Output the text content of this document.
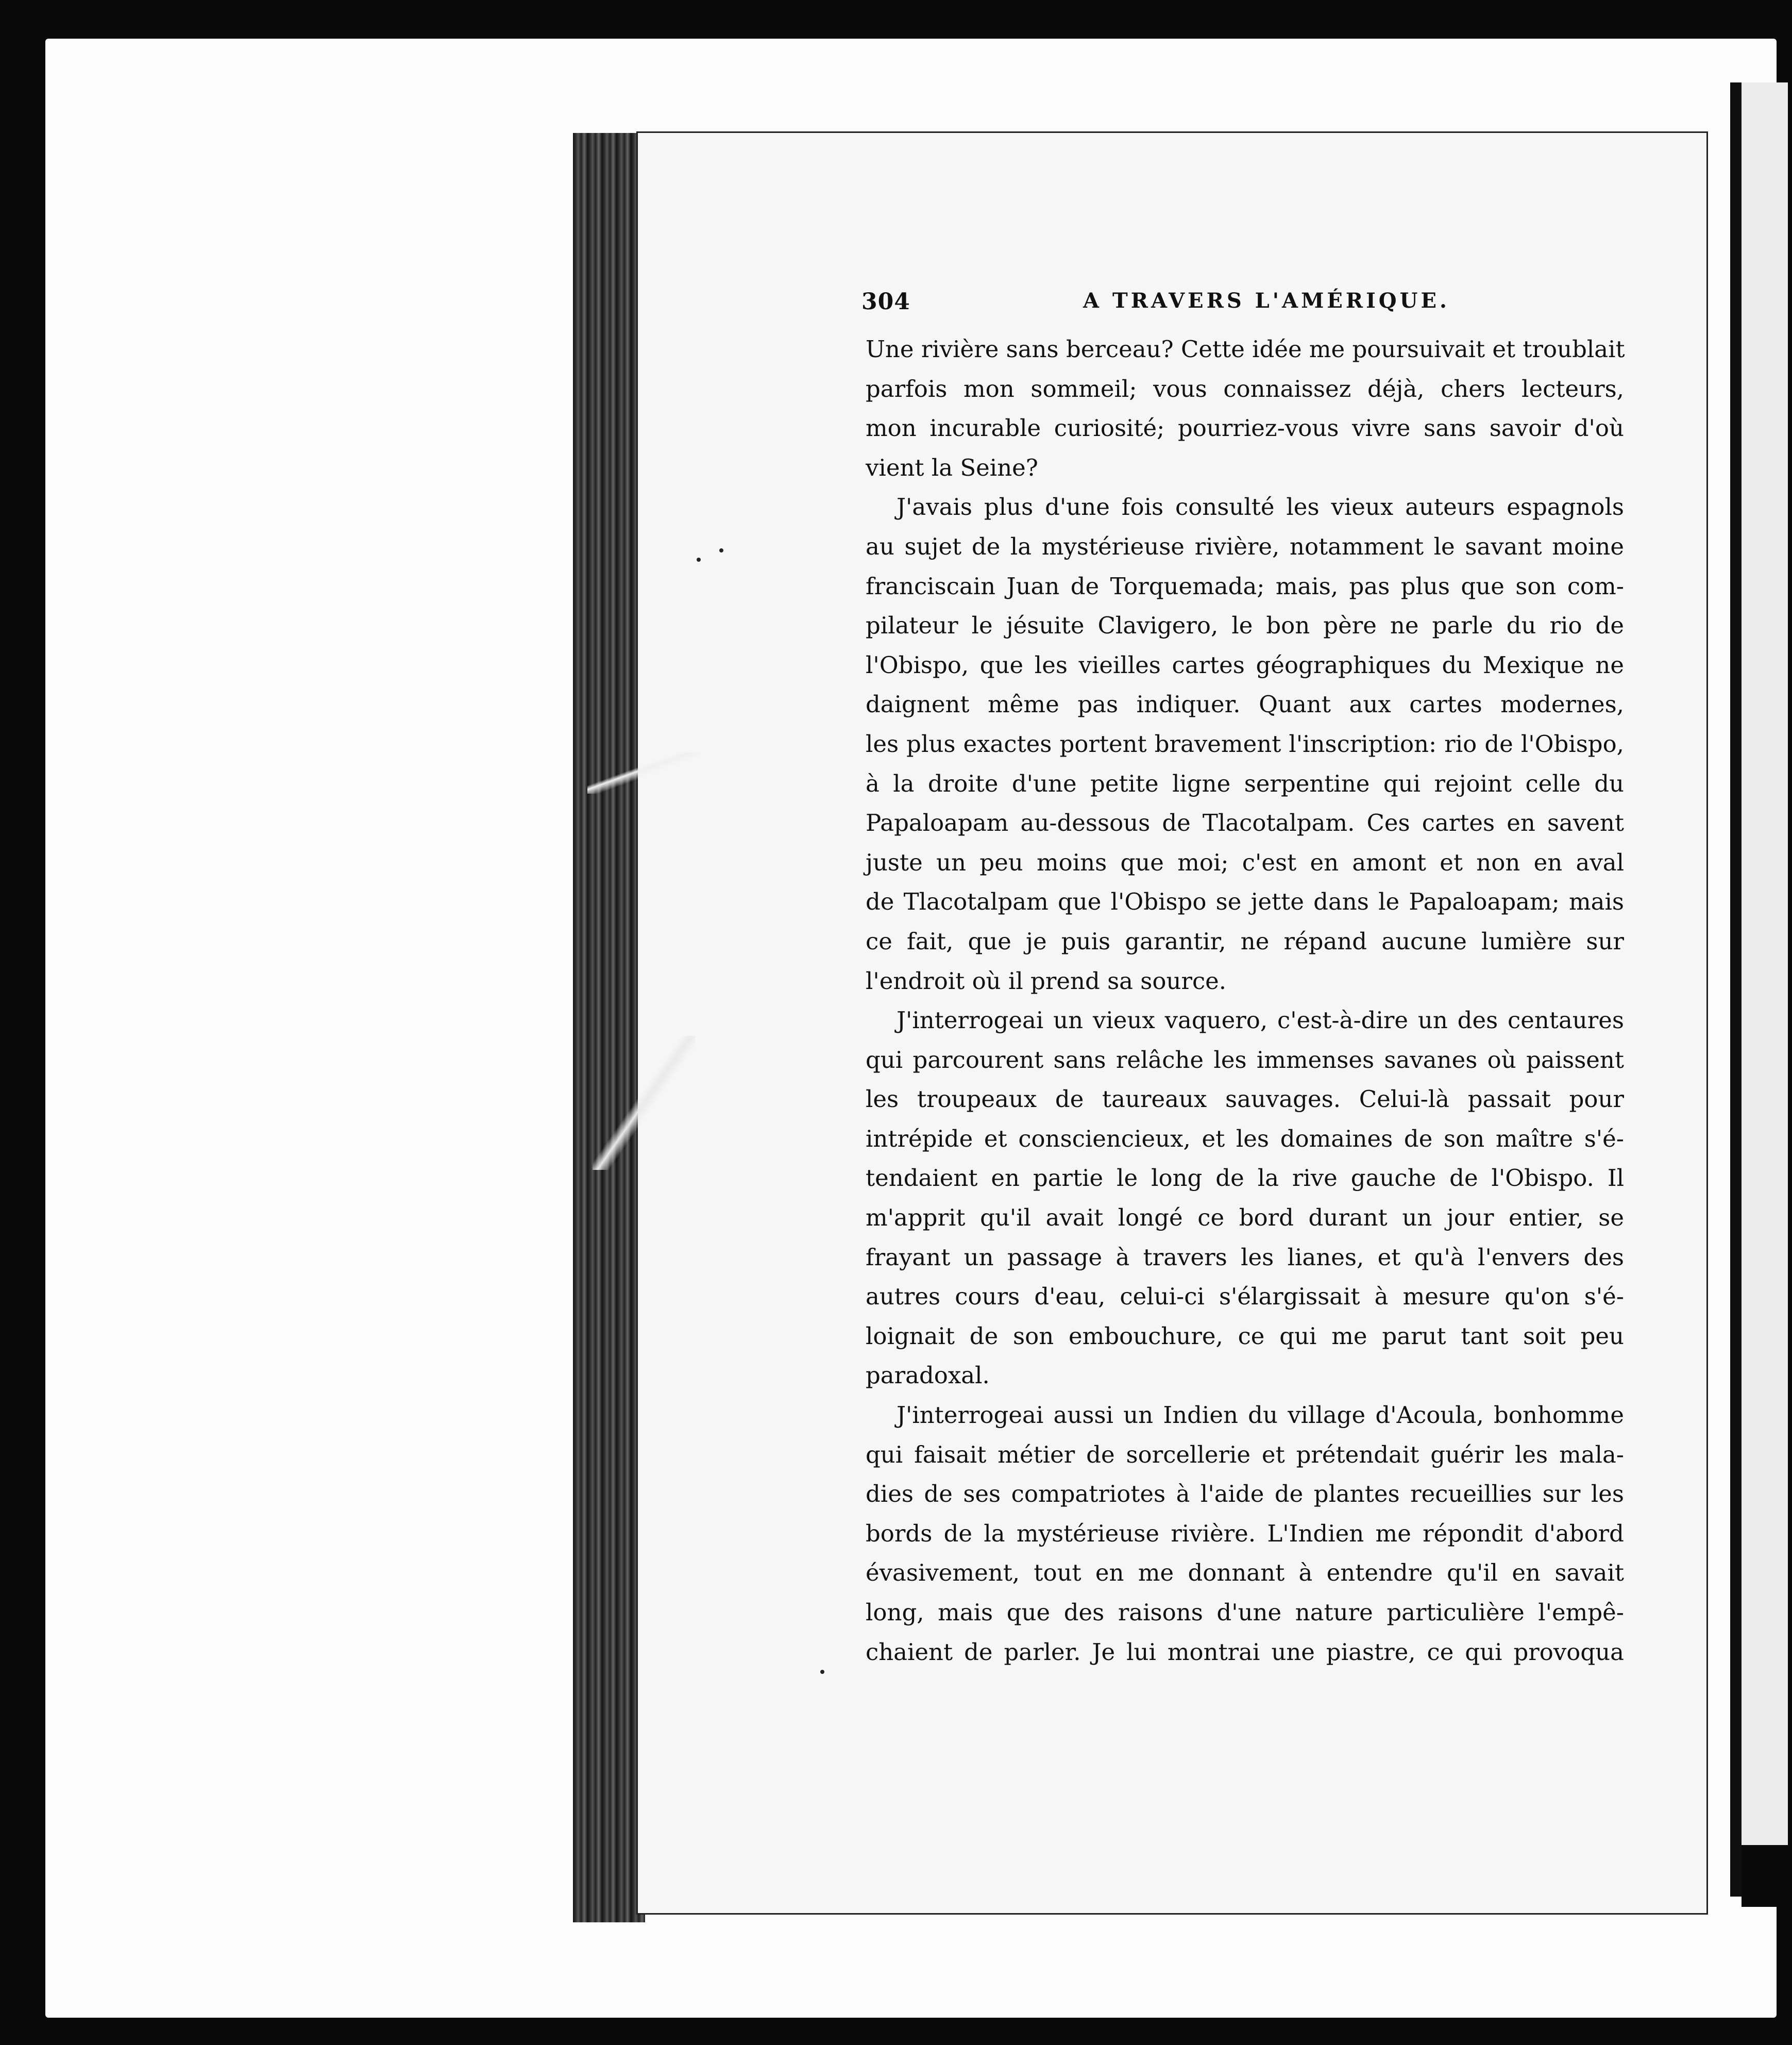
304	A TRAVERS L'AMÉRIQUE.
Une rivière sans berceau? Cette idée me poursuivait et troublait
parfois mon sommeil; vous connaissez déjà, chers lecteurs,
mon incurable curiosité; pourriez-vous vivre sans savoir d'où
vient la Seine?
J'avais plus d'une fois consulté les vieux auteurs espagnols
au sujet de la mystérieuse rivière, notamment le savant moine
franciscain Juan de Torquemada; mais, pas plus que son com-
pilateur le jésuite Clavigero, le bon père ne parle du rio de
l'Obispo, que les vieilles cartes géographiques du Mexique ne
daignent même pas indiquer. Quant aux cartes modernes,
les plus exactes portent bravement l'inscription: rio de l'Obispo,
à la droite d'une petite ligne serpentine qui rejoint celle du
Papaloapam au-dessous de Tlacotalpam. Ces cartes en savent
juste un peu moins que moi; c'est en amont et non en aval
de Tlacotalpam que l'Obispo se jette dans le Papaloapam; mais
ce fait, que je puis garantir, ne répand aucune lumière sur
l'endroit où il prend sa source.
J'interrogeai un vieux vaquero, c'est-à-dire un des centaures
qui parcourent sans relâche les immenses savanes où paissent
les troupeaux de taureaux sauvages. Celui-là passait pour
intrépide et consciencieux, et les domaines de son maître s'é-
tendaient en partie le long de la rive gauche de l'Obispo. Il
m'apprit qu'il avait longé ce bord durant un jour entier, se
frayant un passage à travers les lianes, et qu'à l'envers des
autres cours d'eau, celui-ci s'élargissait à mesure qu'on s'é-
loignait de son embouchure, ce qui me parut tant soit peu
paradoxal.
J'interrogeai aussi un Indien du village d'Acoula, bonhomme
qui faisait métier de sorcellerie et prétendait guérir les mala-
dies de ses compatriotes à l'aide de plantes recueillies sur les
bords de la mystérieuse rivière. L'Indien me répondit d'abord
évasivement, tout en me donnant à entendre qu'il en savait
long, mais que des raisons d'une nature particulière l'empê-
chaient de parler. Je lui montrai une piastre, ce qui provoqua
